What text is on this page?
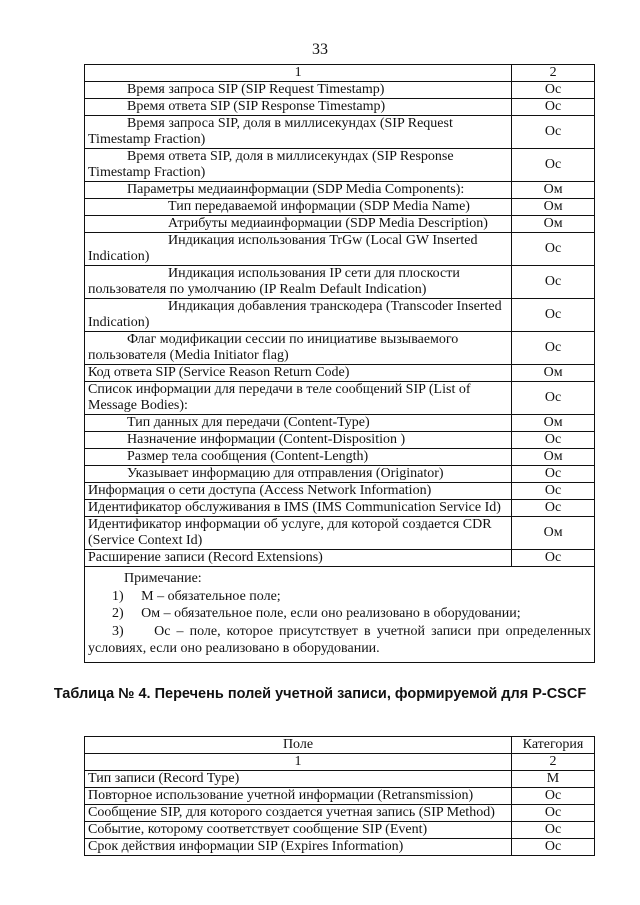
33
1	2

Время запроса SIP (SIP Request Timestamp)	Oc

Время ответа SIP (SIP Response Timestamp)	Oc

Время запроса SIP, доля в миллисекундах (SIP Request
Timestamp Fraction)	Oc

Время ответа SIP, доля в миллисекундах (SIP Response
Timestamp Fraction)	Oc

Параметры медиаинформации (SDP Media Components):	Ом

Тип передаваемой информации (SDP Media Name)	Ом

Атрибуты медиаинформации (SDP Media Description)	Ом

Индикация использования TrGw (Local GW Inserted
Indication)	Oc

Индикация использования IP сети для плоскости
пользователя по умолчанию (IP Realm Default Indication)	Oc

Индикация добавления транскодера (Transcoder Inserted
Indication)	Oc

Флаг модификации сессии по инициативе вызываемого
пользователя (Media Initiator flag)	Oc

Код ответа SIP (Service Reason Return Code)	Ом

Список информации для передачи в теле сообщений SIP (List of
Message Bodies):	Oc

Тип данных для передачи (Content-Type)	Ом

Назначение информации (Content-Disposition )	Oc

Размер тела сообщения (Content-Length)	Ом

Указывает информацию для отправления (Originator)	Oc

Информация о сети доступа (Access Network Information)	Oc

Идентификатор обслуживания в IMS (IMS Communication Service Id)	Oc

Идентификатор информации об услуге, для которой создается CDR
(Service Context Id)	Ом

Расширение записи (Record Extensions)	Oc

Примечание:
1)     М – обязательное поле;
2)     Ом – обязательное поле, если оно реализовано в оборудовании;
3)     Ос – поле, которое присутствует в учетной записи при определенных условиях, если оно реализовано в оборудовании.	
Таблица № 4. Перечень полей учетной записи, формируемой для P-CSCF
Поле	Категория
1	2
Тип записи (Record Type)	M
Повторное использование учетной информации (Retransmission)	Oc
Сообщение SIP, для которого создается учетная запись (SIP Method)	Oc
Событие, которому соответствует сообщение SIP (Event)	Oc
Срок действия информации SIP (Expires Information)	Oc
